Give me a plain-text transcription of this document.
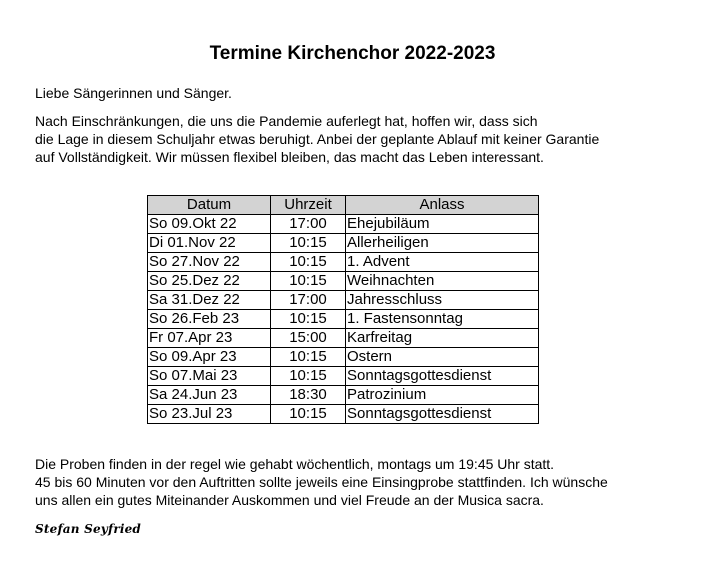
Termine Kirchenchor 2022-2023
Liebe Sängerinnen und Sänger.
Nach Einschränkungen, die uns die Pandemie auferlegt hat, hoffen wir, dass sich
die Lage in diesem Schuljahr etwas beruhigt. Anbei der geplante Ablauf mit keiner Garantie
auf Vollständigkeit. Wir müssen flexibel bleiben, das macht das Leben interessant.
Datum	Uhrzeit	Anlass
So 09.Okt 22	17:00	Ehejubiläum
Di 01.Nov 22	10:15	Allerheiligen
So 27.Nov 22	10:15	1. Advent
So 25.Dez 22	10:15	Weihnachten
Sa 31.Dez 22	17:00	Jahresschluss
So 26.Feb 23	10:15	1. Fastensonntag
Fr 07.Apr 23	15:00	Karfreitag
So 09.Apr 23	10:15	Ostern
So 07.Mai 23	10:15	Sonntagsgottesdienst
Sa 24.Jun 23	18:30	Patrozinium
So 23.Jul 23	10:15	Sonntagsgottesdienst
Die Proben finden in der regel wie gehabt wöchentlich, montags um 19:45 Uhr statt.
45 bis 60 Minuten vor den Auftritten sollte jeweils eine Einsingprobe stattfinden. Ich wünsche
uns allen ein gutes Miteinander Auskommen und viel Freude an der Musica sacra.
Stefan Seyfried
